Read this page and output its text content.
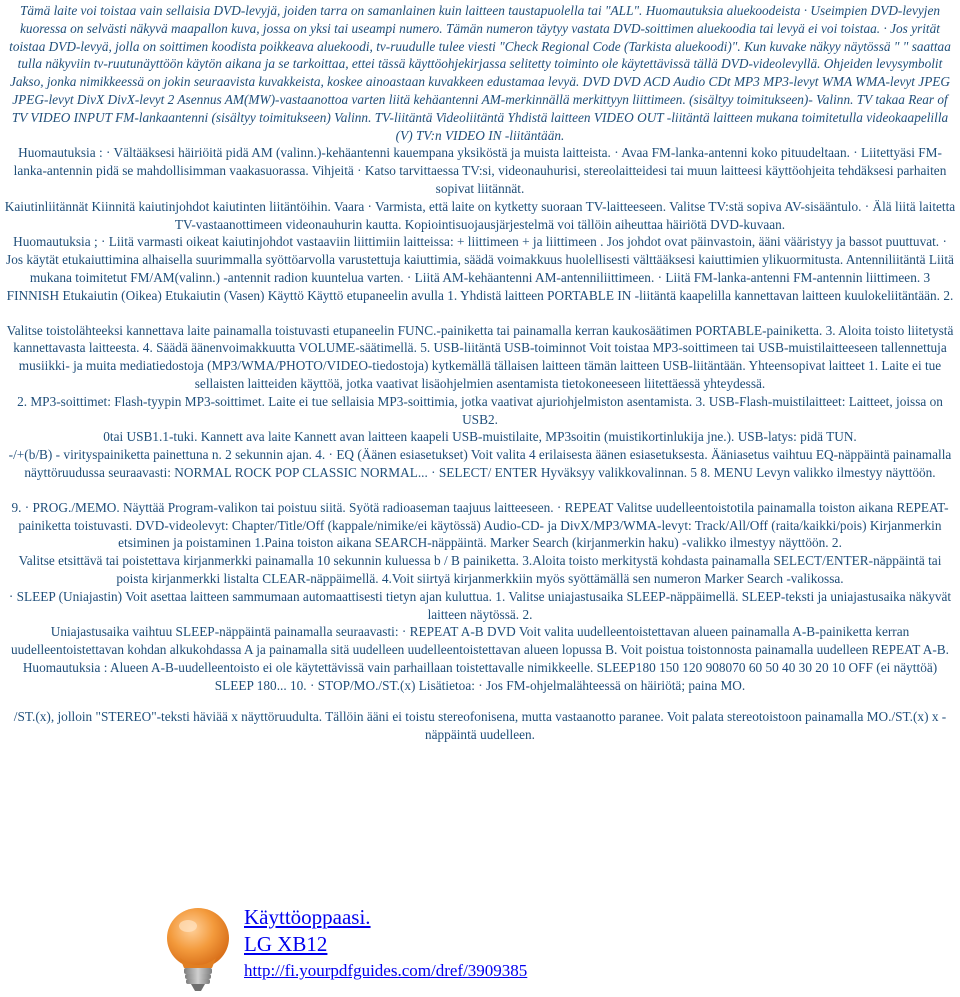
Tämä laite voi toistaa vain sellaisia DVD-levyjä, joiden tarra on samanlainen kuin laitteen taustapuolella tai "ALL". Huomautuksia aluekoodeista · Useimpien DVD-levyjen kuoressa on selvästi näkyvä maapallon kuva, jossa on yksi tai useampi numero. Tämän numeron täytyy vastata DVD-soittimen aluekoodia tai levyä ei voi toistaa. · Jos yrität toistaa DVD-levyä, jolla on soittimen koodista poikkeava aluekoodi, tv-ruudulle tulee viesti "Check Regional Code (Tarkista aluekoodi)". Kun kuvake näkyy näytössä " " saattaa tulla näkyviin tv-ruutunäyttöön käytön aikana ja se tarkoittaa, ettei tässä käyttöohjekirjassa selitetty toiminto ole käytettävissä tällä DVD-videolevyllä. Ohjeiden levysymbolit Jakso, jonka nimikkeessä on jokin seuraavista kuvakkeista, koskee ainoastaan kuvakkeen edustamaa levyä. DVD DVD ACD Audio CDt MP3 MP3-levyt WMA WMA-levyt JPEG JPEG-levyt DivX DivX-levyt 2 Asennus AM(MW)-vastaanottoa varten liitä kehäantenni AM-merkinnällä merkittyyn liittimeen. (sisältyy toimitukseen)- Valinn. TV takaa Rear of TV VIDEO INPUT FM-lankaantenni (sisältyy toimitukseen) Valinn. TV-liitäntä Videoliitäntä Yhdistä laitteen VIDEO OUT -liitäntä laitteen mukana toimitetulla videokaapelilla (V) TV:n VIDEO IN -liitäntään.

Huomautuksia : · Vältääksesi häiriöitä pidä AM (valinn.)-kehäantenni kauempana yksiköstä ja muista laitteista. · Avaa FM-lanka-antenni koko pituudeltaan. · Liitettyäsi FM-lanka-antennin pidä se mahdollisimman vaakasuorassa. Vihjeitä · Katso tarvittaessa TV:si, videonauhurisi, stereolaitteidesi tai muun laitteesi käyttöohjeita tehdäksesi parhaiten sopivat liitännät.

Kaiutinliitännät Kiinnitä kaiutinjohdot kaiutinten liitäntöihin. Vaara · Varmista, että laite on kytketty suoraan TV-laitteeseen. Valitse TV:stä sopiva AV-sisääntulo. · Älä liitä laitetta TV-vastaanottimeen videonauhurin kautta. Kopiointisuojausjärjestelmä voi tällöin aiheuttaa häiriötä DVD-kuvaan.

Huomautuksia ; · Liitä varmasti oikeat kaiutinjohdot vastaaviin liittimiin laitteissa: + liittimeen + ja liittimeen . Jos johdot ovat päinvastoin, ääni vääristyy ja bassot puuttuvat. · Jos käytät etukaiuttimina alhaisella suurimmalla syöttöarvolla varustettuja kaiuttimia, säädä voimakkuus huolellisesti välttääksesi kaiuttimien ylikuormitusta. Antenniliitäntä Liitä mukana toimitetut FM/AM(valinn.) -antennit radion kuuntelua varten. · Liitä AM-kehäantenni AM-antenniliittimeen. · Liitä FM-lanka-antenni FM-antennin liittimeen. 3 FINNISH Etukaiutin (Oikea) Etukaiutin (Vasen) Käyttö Käyttö etupaneelin avulla 1. Yhdistä laitteen PORTABLE IN -liitäntä kaapelilla kannettavan laitteen kuulokeliitäntään. 2.

Valitse toistolähteeksi kannettava laite painamalla toistuvasti etupaneelin FUNC.-painiketta tai painamalla kerran kaukosäätimen PORTABLE-painiketta. 3. Aloita toisto liitetystä kannettavasta laitteesta. 4. Säädä äänenvoimakkuutta VOLUME-säätimellä. 5. USB-liitäntä USB-toiminnot Voit toistaa MP3-soittimeen tai USB-muistilaitteeseen tallennettuja musiikki- ja muita mediatiedostoja (MP3/WMA/PHOTO/VIDEO-tiedostoja) kytkemällä tällaisen laitteen tämän laitteen USB-liitäntään. Yhteensopivat laitteet 1. Laite ei tue sellaisten laitteiden käyttöä, jotka vaativat lisäohjelmien asentamista tietokoneeseen liitettäessä yhteydessä.

2. MP3-soittimet: Flash-tyypin MP3-soittimet. Laite ei tue sellaisia MP3-soittimia, jotka vaativat ajuriohjelmiston asentamista. 3. USB-Flash-muistilaitteet: Laitteet, joissa on USB2.

0tai USB1.1-tuki. Kannett ava laite Kannett avan laitteen kaapeli USB-muistilaite, MP3soitin (muistikortinlukija jne.). USB-latys: pidä TUN.

-/+(b/B) - virityspainiketta painettuna n. 2 sekunnin ajan. 4. · EQ (Äänen esiasetukset) Voit valita 4 erilaisesta äänen esiasetuksesta. Ääniasetus vaihtuu EQ-näppäintä painamalla näyttöruudussa seuraavasti: NORMAL ROCK POP CLASSIC NORMAL... · SELECT/ ENTER Hyväksyy valikkovalinnan. 5 8. MENU Levyn valikko ilmestyy näyttöön.

9. · PROG./MEMO. Näyttää Program-valikon tai poistuu siitä. Syötä radioaseman taajuus laitteeseen. · REPEAT Valitse uudelleentoistotila painamalla toiston aikana REPEAT-painiketta toistuvasti. DVD-videolevyt: Chapter/Title/Off (kappale/nimike/ei käytössä) Audio-CD- ja DivX/MP3/WMA-levyt: Track/All/Off (raita/kaikki/pois) Kirjanmerkin etsiminen ja poistaminen 1.Paina toiston aikana SEARCH-näppäintä. Marker Search (kirjanmerkin haku) -valikko ilmestyy näyttöön. 2.

Valitse etsittävä tai poistettava kirjanmerkki painamalla 10 sekunnin kuluessa b / B painiketta. 3.Aloita toisto merkitystä kohdasta painamalla SELECT/ENTER-näppäintä tai poista kirjanmerkki listalta CLEAR-näppäimellä. 4.Voit siirtyä kirjanmerkkiin myös syöttämällä sen numeron Marker Search -valikossa.

· SLEEP (Uniajastin) Voit asettaa laitteen sammumaan automaattisesti tietyn ajan kuluttua. 1. Valitse uniajastusaika SLEEP-näppäimellä. SLEEP-teksti ja uniajastusaika näkyvät laitteen näytössä. 2.

Uniajastusaika vaihtuu SLEEP-näppäintä painamalla seuraavasti: · REPEAT A-B DVD Voit valita uudelleentoistettavan alueen painamalla A-B-painiketta kerran uudelleentoistettavan kohdan alkukohdassa A ja painamalla sitä uudelleen uudelleentoistettavan alueen lopussa B. Voit poistua toistonnosta painamalla uudelleen REPEAT A-B. Huomautuksia : Alueen A-B-uudelleentoisto ei ole käytettävissä vain parhaillaan toistettavalle nimikkeelle. SLEEP180 150 120 908070 60 50 40 30 20 10 OFF (ei näyttöä) SLEEP 180... 10. · STOP/MO./ST.(x) Lisätietoa: · Jos FM-ohjelmalähteessä on häiriötä; paina MO.

/ST.(x), jolloin "STEREO"-teksti häviää x näyttöruudulta. Tällöin ääni ei toistu stereofonisena, mutta vastaanotto paranee. Voit palata stereotoistoon painamalla MO./ST.(x) x -näppäintä uudelleen.

Käyttöoppaasi.
LG XB12
http://fi.yourpdfguides.com/dref/3909385
